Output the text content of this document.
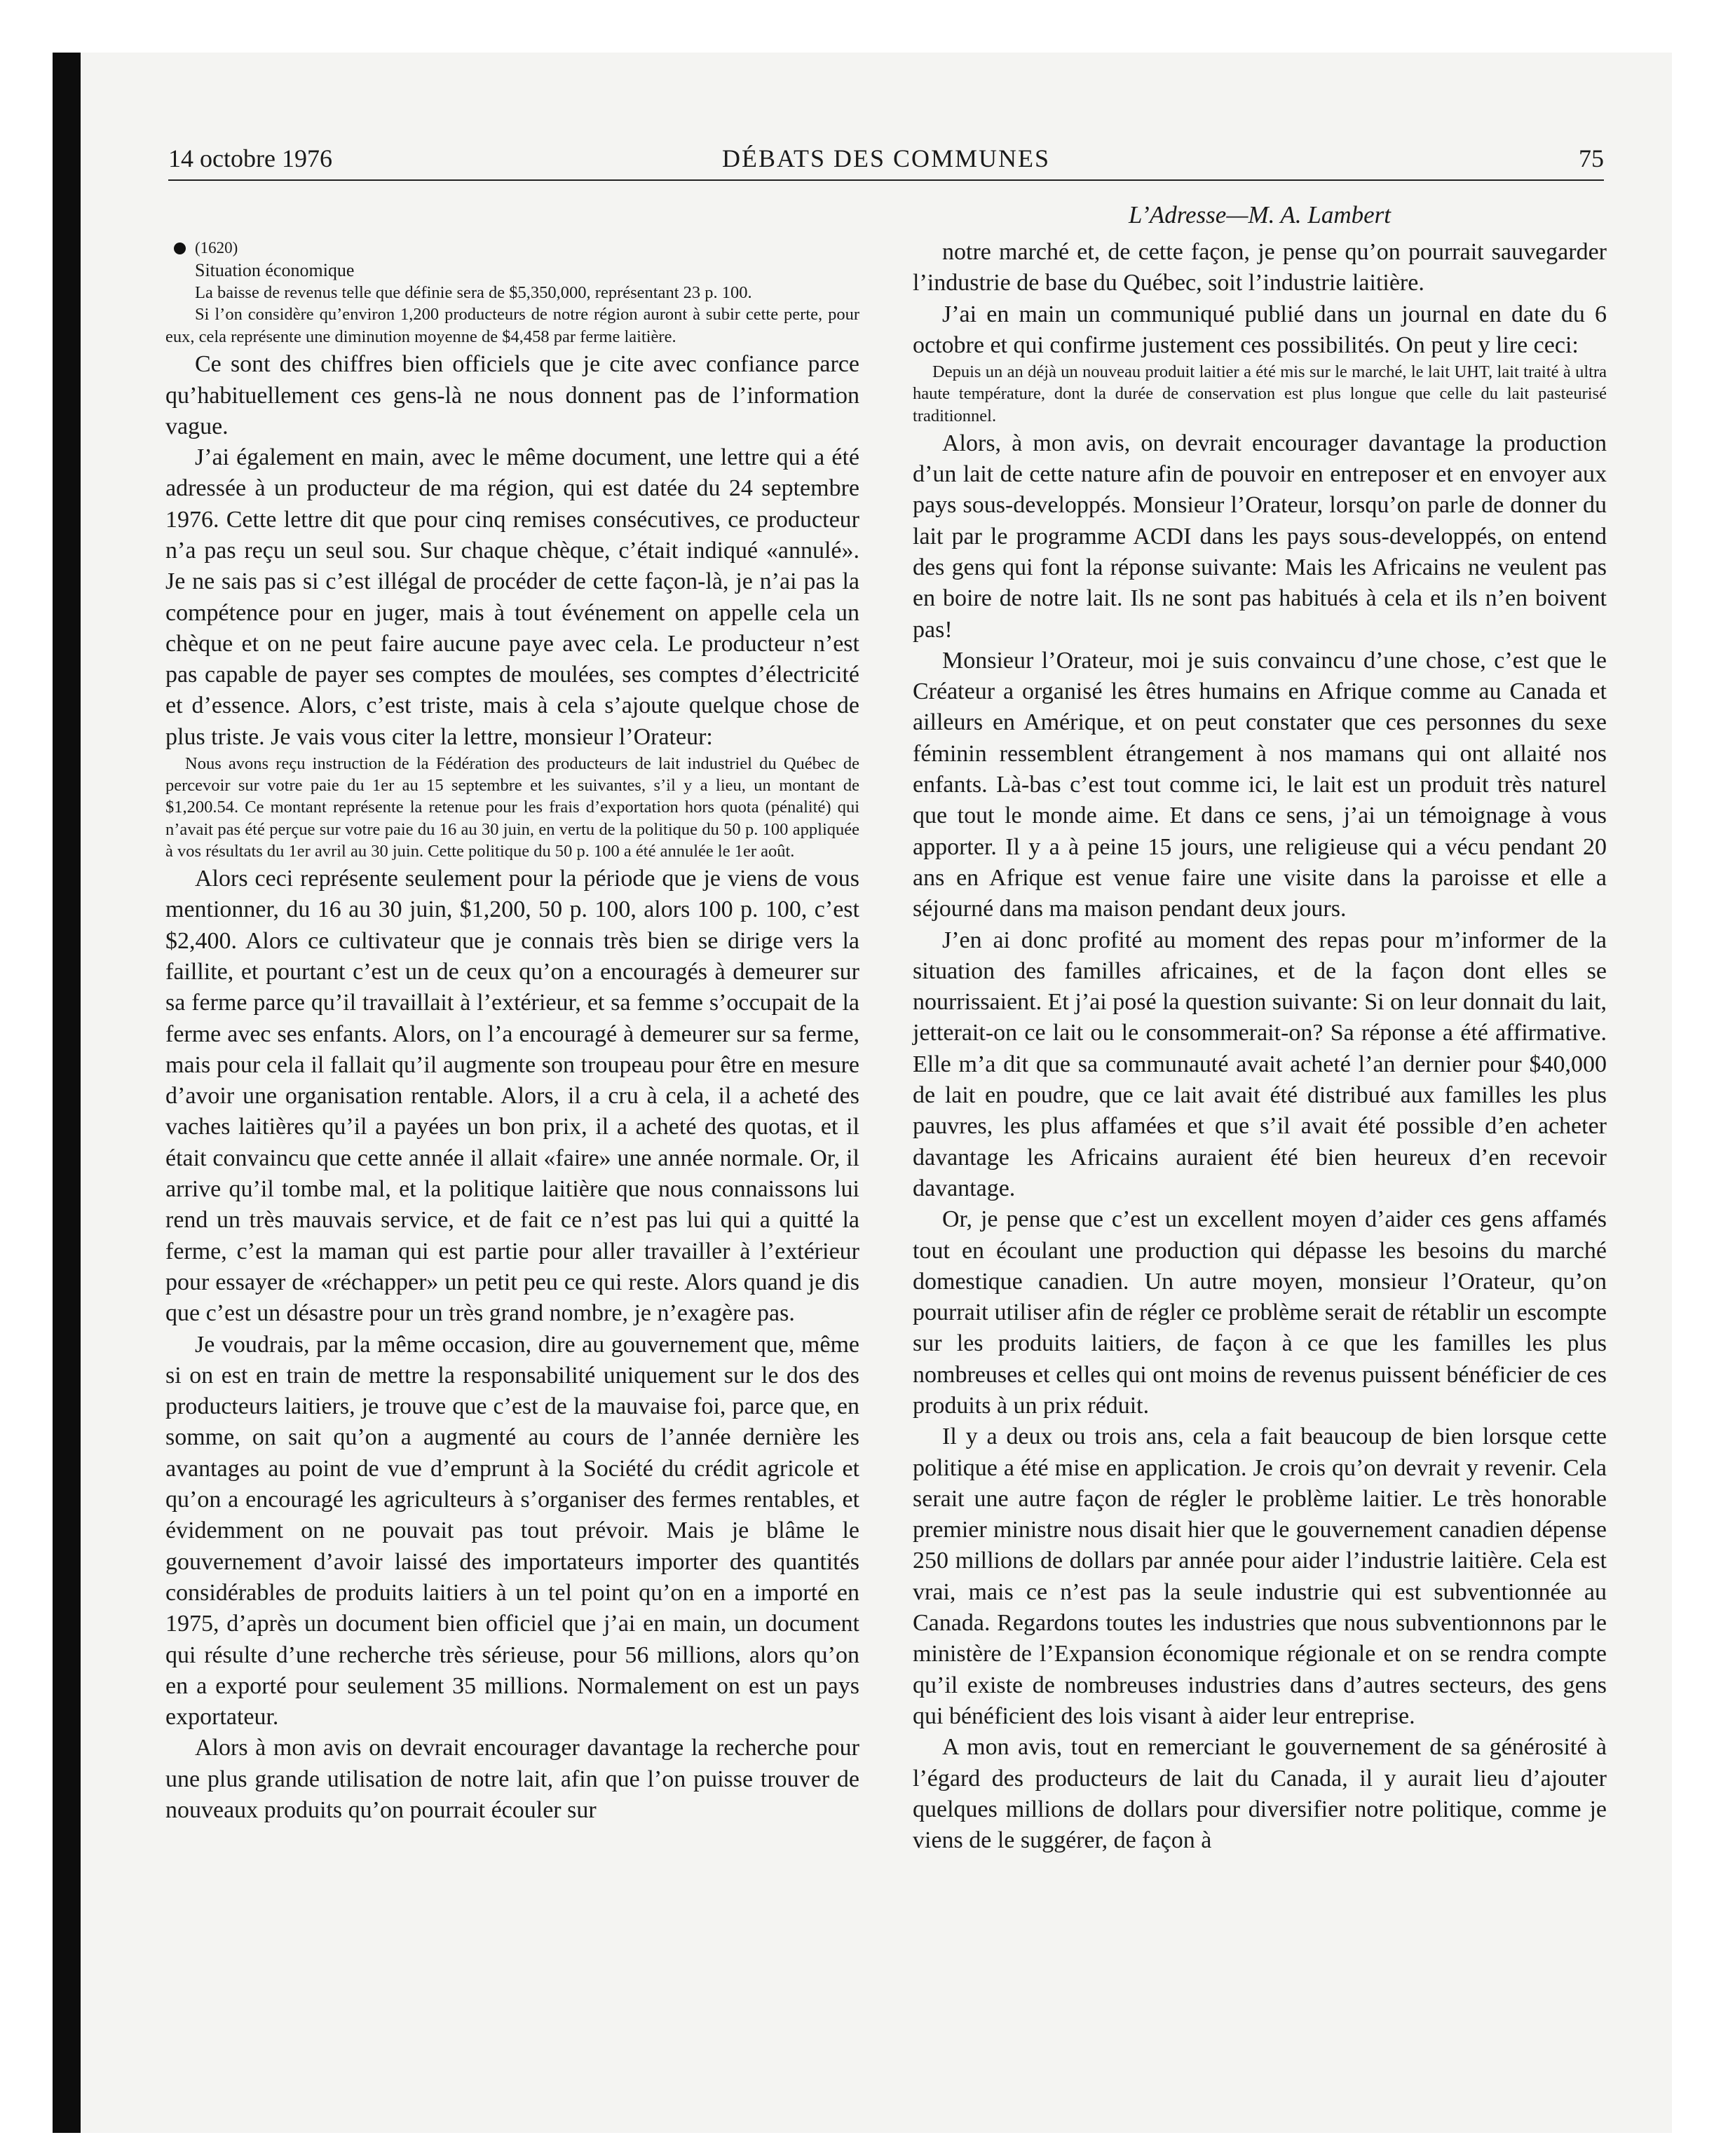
14 octobre 1976	DÉBATS DES COMMUNES	75
(1620)
Situation économique

La baisse de revenus telle que définie sera de $5,350,000, représentant 23 p. 100.

Si l’on considère qu’environ 1,200 producteurs de notre région auront à subir cette perte, pour eux, cela représente une diminution moyenne de $4,458 par ferme laitière.

Ce sont des chiffres bien officiels que je cite avec confiance parce qu’habituellement ces gens-là ne nous donnent pas de l’information vague.

J’ai également en main, avec le même document, une lettre qui a été adressée à un producteur de ma région, qui est datée du 24 septembre 1976. Cette lettre dit que pour cinq remises consécutives, ce producteur n’a pas reçu un seul sou. Sur chaque chèque, c’était indiqué «annulé». Je ne sais pas si c’est illégal de procéder de cette façon-là, je n’ai pas la compétence pour en juger, mais à tout événement on appelle cela un chèque et on ne peut faire aucune paye avec cela. Le producteur n’est pas capable de payer ses comptes de moulées, ses comptes d’électricité et d’essence. Alors, c’est triste, mais à cela s’ajoute quelque chose de plus triste. Je vais vous citer la lettre, monsieur l’Orateur:

Nous avons reçu instruction de la Fédération des producteurs de lait industriel du Québec de percevoir sur votre paie du 1er au 15 septembre et les suivantes, s’il y a lieu, un montant de $1,200.54. Ce montant représente la retenue pour les frais d’exportation hors quota (pénalité) qui n’avait pas été perçue sur votre paie du 16 au 30 juin, en vertu de la politique du 50 p. 100 appliquée à vos résultats du 1er avril au 30 juin. Cette politique du 50 p. 100 a été annulée le 1er août.

Alors ceci représente seulement pour la période que je viens de vous mentionner, du 16 au 30 juin, $1,200, 50 p. 100, alors 100 p. 100, c’est $2,400. Alors ce cultivateur que je connais très bien se dirige vers la faillite, et pourtant c’est un de ceux qu’on a encouragés à demeurer sur sa ferme parce qu’il travaillait à l’extérieur, et sa femme s’occupait de la ferme avec ses enfants. Alors, on l’a encouragé à demeurer sur sa ferme, mais pour cela il fallait qu’il augmente son troupeau pour être en mesure d’avoir une organisation rentable. Alors, il a cru à cela, il a acheté des vaches laitières qu’il a payées un bon prix, il a acheté des quotas, et il était convaincu que cette année il allait «faire» une année normale. Or, il arrive qu’il tombe mal, et la politique laitière que nous connaissons lui rend un très mauvais service, et de fait ce n’est pas lui qui a quitté la ferme, c’est la maman qui est partie pour aller travailler à l’extérieur pour essayer de «réchapper» un petit peu ce qui reste. Alors quand je dis que c’est un désastre pour un très grand nombre, je n’exagère pas.

Je voudrais, par la même occasion, dire au gouvernement que, même si on est en train de mettre la responsabilité uniquement sur le dos des producteurs laitiers, je trouve que c’est de la mauvaise foi, parce que, en somme, on sait qu’on a augmenté au cours de l’année dernière les avantages au point de vue d’emprunt à la Société du crédit agricole et qu’on a encouragé les agriculteurs à s’organiser des fermes rentables, et évidemment on ne pouvait pas tout prévoir. Mais je blâme le gouvernement d’avoir laissé des importateurs importer des quantités considérables de produits laitiers à un tel point qu’on en a importé en 1975, d’après un document bien officiel que j’ai en main, un document qui résulte d’une recherche très sérieuse, pour 56 millions, alors qu’on en a exporté pour seulement 35 millions. Normalement on est un pays exportateur.

Alors à mon avis on devrait encourager davantage la recherche pour une plus grande utilisation de notre lait, afin que l’on puisse trouver de nouveaux produits qu’on pourrait écouler sur

L’Adresse—M. A. Lambert

notre marché et, de cette façon, je pense qu’on pourrait sauvegarder l’industrie de base du Québec, soit l’industrie laitière.

J’ai en main un communiqué publié dans un journal en date du 6 octobre et qui confirme justement ces possibilités. On peut y lire ceci:

Depuis un an déjà un nouveau produit laitier a été mis sur le marché, le lait UHT, lait traité à ultra haute température, dont la durée de conservation est plus longue que celle du lait pasteurisé traditionnel.

Alors, à mon avis, on devrait encourager davantage la production d’un lait de cette nature afin de pouvoir en entreposer et en envoyer aux pays sous-developpés. Monsieur l’Orateur, lorsqu’on parle de donner du lait par le programme ACDI dans les pays sous-developpés, on entend des gens qui font la réponse suivante: Mais les Africains ne veulent pas en boire de notre lait. Ils ne sont pas habitués à cela et ils n’en boivent pas!

Monsieur l’Orateur, moi je suis convaincu d’une chose, c’est que le Créateur a organisé les êtres humains en Afrique comme au Canada et ailleurs en Amérique, et on peut constater que ces personnes du sexe féminin ressemblent étrangement à nos mamans qui ont allaité nos enfants. Là-bas c’est tout comme ici, le lait est un produit très naturel que tout le monde aime. Et dans ce sens, j’ai un témoignage à vous apporter. Il y a à peine 15 jours, une religieuse qui a vécu pendant 20 ans en Afrique est venue faire une visite dans la paroisse et elle a séjourné dans ma maison pendant deux jours.

J’en ai donc profité au moment des repas pour m’informer de la situation des familles africaines, et de la façon dont elles se nourrissaient. Et j’ai posé la question suivante: Si on leur donnait du lait, jetterait-on ce lait ou le consommerait-on? Sa réponse a été affirmative. Elle m’a dit que sa communauté avait acheté l’an dernier pour $40,000 de lait en poudre, que ce lait avait été distribué aux familles les plus pauvres, les plus affamées et que s’il avait été possible d’en acheter davantage les Africains auraient été bien heureux d’en recevoir davantage.

Or, je pense que c’est un excellent moyen d’aider ces gens affamés tout en écoulant une production qui dépasse les besoins du marché domestique canadien. Un autre moyen, monsieur l’Orateur, qu’on pourrait utiliser afin de régler ce problème serait de rétablir un escompte sur les produits laitiers, de façon à ce que les familles les plus nombreuses et celles qui ont moins de revenus puissent bénéficier de ces produits à un prix réduit.

Il y a deux ou trois ans, cela a fait beaucoup de bien lorsque cette politique a été mise en application. Je crois qu’on devrait y revenir. Cela serait une autre façon de régler le problème laitier. Le très honorable premier ministre nous disait hier que le gouvernement canadien dépense 250 millions de dollars par année pour aider l’industrie laitière. Cela est vrai, mais ce n’est pas la seule industrie qui est subventionnée au Canada. Regardons toutes les industries que nous subventionnons par le ministère de l’Expansion économique régionale et on se rendra compte qu’il existe de nombreuses industries dans d’autres secteurs, des gens qui bénéficient des lois visant à aider leur entreprise.

A mon avis, tout en remerciant le gouvernement de sa générosité à l’égard des producteurs de lait du Canada, il y aurait lieu d’ajouter quelques millions de dollars pour diversifier notre politique, comme je viens de le suggérer, de façon à
